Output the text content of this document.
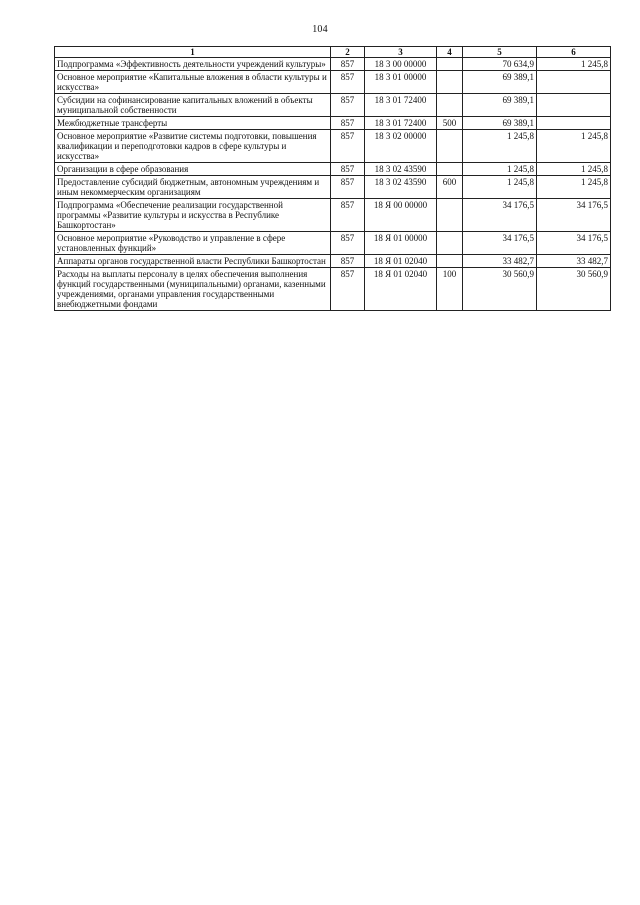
104
1	2	3	4	5	6
Подпрограмма «Эффективность деятельности учреждений культуры»	857	18 3 00 00000		70 634,9	1 245,8
Основное мероприятие «Капитальные вложения в области культуры и искусства»	857	18 3 01 00000		69 389,1	
Субсидии на софинансирование капитальных вложений в объекты муниципальной собственности	857	18 3 01 72400		69 389,1	
Межбюджетные трансферты	857	18 3 01 72400	500	69 389,1	
Основное мероприятие «Развитие системы подготовки, повышения квалификации и переподготовки кадров в сфере культуры и искусства»	857	18 3 02 00000		1 245,8	1 245,8
Организации в сфере образования	857	18 3 02 43590		1 245,8	1 245,8
Предоставление субсидий бюджетным, автономным учреждениям и иным некоммерческим организациям	857	18 3 02 43590	600	1 245,8	1 245,8
Подпрограмма «Обеспечение реализации государственной программы «Развитие культуры и искусства в Республике Башкортостан»	857	18 Я 00 00000		34 176,5	34 176,5
Основное мероприятие «Руководство и управление в сфере установленных функций»	857	18 Я 01 00000		34 176,5	34 176,5
Аппараты органов государственной власти Республики Башкортостан	857	18 Я 01 02040		33 482,7	33 482,7
Расходы на выплаты персоналу в целях обеспечения выполнения функций государственными (муниципальными) органами, казенными учреждениями, органами управления государственными внебюджетными фондами	857	18 Я 01 02040	100	30 560,9	30 560,9
